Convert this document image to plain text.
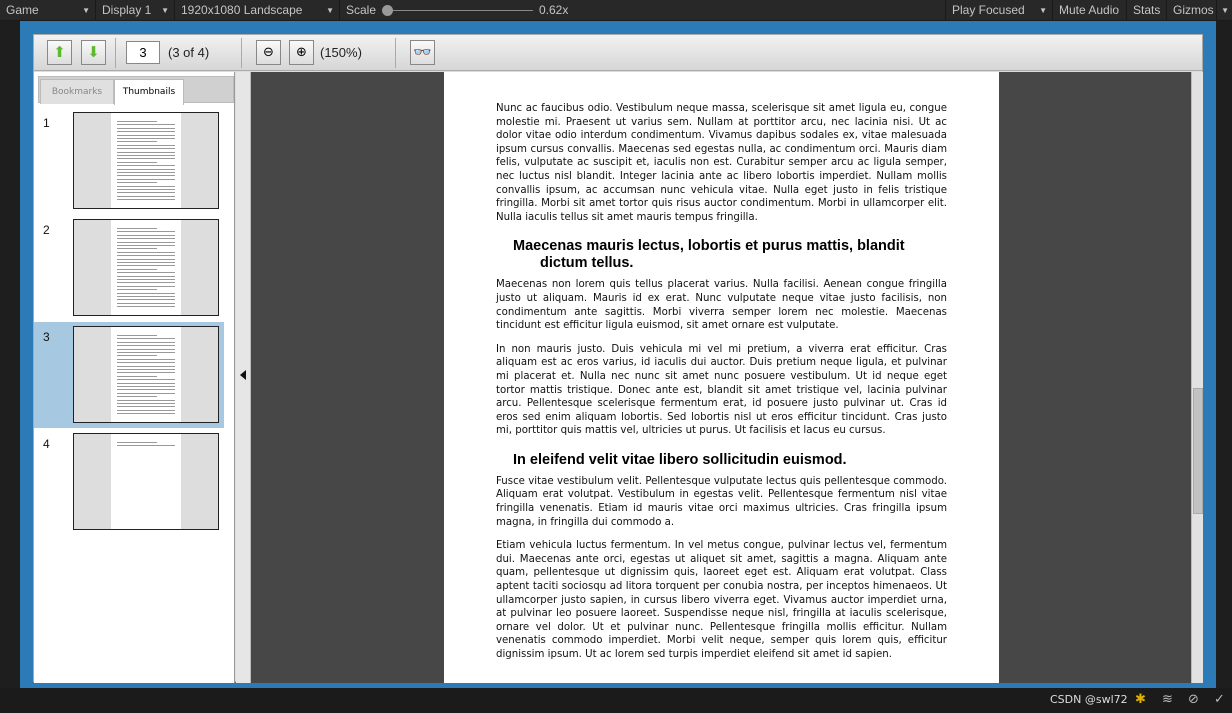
Game	▼	Display 1 ▼	1920x1080 Landscape	▼	Scale	0.62x	Play Focused ▼	Mute Audio	Stats	Gizmos ▼
⬆	⬇	3	(3 of 4)	⊖	⊕	(150%)	👓
Bookmarks	Thumbnails
1
2
3
4

Nunc ac faucibus odio. Vestibulum neque massa, scelerisque sit amet ligula eu, congue molestie mi. Praesent ut varius sem. Nullam at porttitor arcu, nec lacinia nisi. Ut ac dolor vitae odio interdum condimentum. Vivamus dapibus sodales ex, vitae malesuada ipsum cursus convallis. Maecenas sed egestas nulla, ac condimentum orci. Mauris diam felis, vulputate ac suscipit et, iaculis non est. Curabitur semper arcu ac ligula semper, nec luctus nisl blandit. Integer lacinia ante ac libero lobortis imperdiet. Nullam mollis convallis ipsum, ac accumsan nunc vehicula vitae. Nulla eget justo in felis tristique fringilla. Morbi sit amet tortor quis risus auctor condimentum. Morbi in ullamcorper elit. Nulla iaculis tellus sit amet mauris tempus fringilla.

Maecenas mauris lectus, lobortis et purus mattis, blandit
dictum tellus.

Maecenas non lorem quis tellus placerat varius. Nulla facilisi. Aenean congue fringilla justo ut aliquam. Mauris id ex erat. Nunc vulputate neque vitae justo facilisis, non condimentum ante sagittis. Morbi viverra semper lorem nec molestie. Maecenas tincidunt est efficitur ligula euismod, sit amet ornare est vulputate.

In non mauris justo. Duis vehicula mi vel mi pretium, a viverra erat efficitur. Cras aliquam est ac eros varius, id iaculis dui auctor. Duis pretium neque ligula, et pulvinar mi placerat et. Nulla nec nunc sit amet nunc posuere vestibulum. Ut id neque eget tortor mattis tristique. Donec ante est, blandit sit amet tristique vel, lacinia pulvinar arcu. Pellentesque scelerisque fermentum erat, id posuere justo pulvinar ut. Cras id eros sed enim aliquam lobortis. Sed lobortis nisl ut eros efficitur tincidunt. Cras justo mi, porttitor quis mattis vel, ultricies ut purus. Ut facilisis et lacus eu cursus.

In eleifend velit vitae libero sollicitudin euismod.

Fusce vitae vestibulum velit. Pellentesque vulputate lectus quis pellentesque commodo. Aliquam erat volutpat. Vestibulum in egestas velit. Pellentesque fermentum nisl vitae fringilla venenatis. Etiam id mauris vitae orci maximus ultricies. Cras fringilla ipsum magna, in fringilla dui commodo a.

Etiam vehicula luctus fermentum. In vel metus congue, pulvinar lectus vel, fermentum dui. Maecenas ante orci, egestas ut aliquet sit amet, sagittis a magna. Aliquam ante quam, pellentesque ut dignissim quis, laoreet eget est. Aliquam erat volutpat. Class aptent taciti sociosqu ad litora torquent per conubia nostra, per inceptos himenaeos. Ut ullamcorper justo sapien, in cursus libero viverra eget. Vivamus auctor imperdiet urna, at pulvinar leo posuere laoreet. Suspendisse neque nisl, fringilla at iaculis scelerisque, ornare vel dolor. Ut et pulvinar nunc. Pellentesque fringilla mollis efficitur. Nullam venenatis commodo imperdiet. Morbi velit neque, semper quis lorem quis, efficitur dignissim ipsum. Ut ac lorem sed turpis imperdiet eleifend sit amet id sapien.

CSDN @swl72 ✱	≋	⊘	✓
